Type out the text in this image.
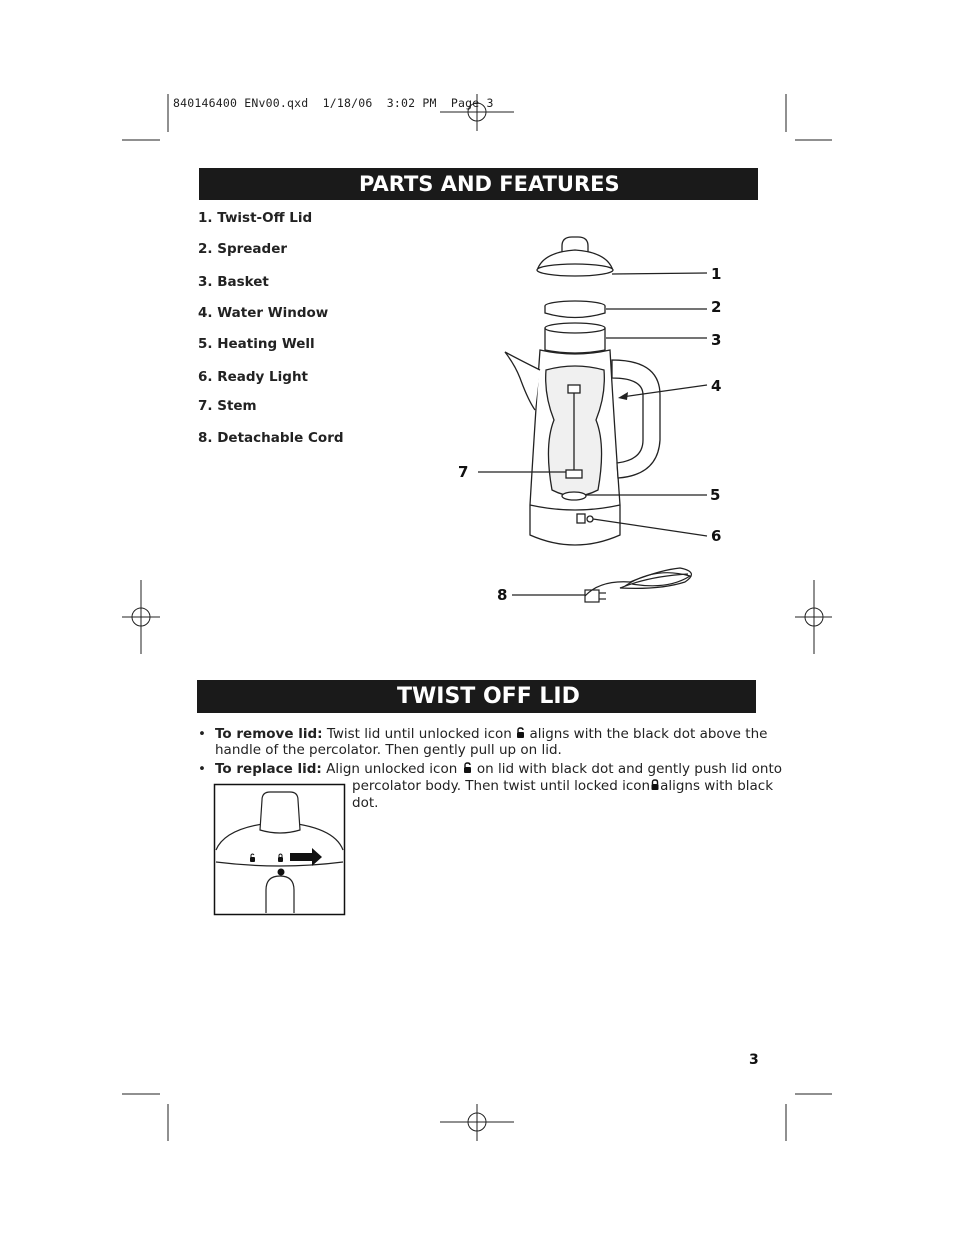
840146400 ENv00.qxd  1/18/06  3:02 PM  Page 3
PARTS AND FEATURES
1. Twist-Off Lid
2. Spreader
3. Basket
4. Water Window
5. Heating Well
6. Ready Light
7. Stem
8. Detachable Cord
1
2
3
4
5
6
7
8
TWIST OFF LID
• To remove lid: Twist lid until unlocked icon aligns with the black dot above the
handle of the percolator. Then gently pull up on lid.
• To replace lid: Align unlocked icon on lid with black dot and gently push lid onto
percolator body. Then twist until locked icon aligns with black
dot.
3
